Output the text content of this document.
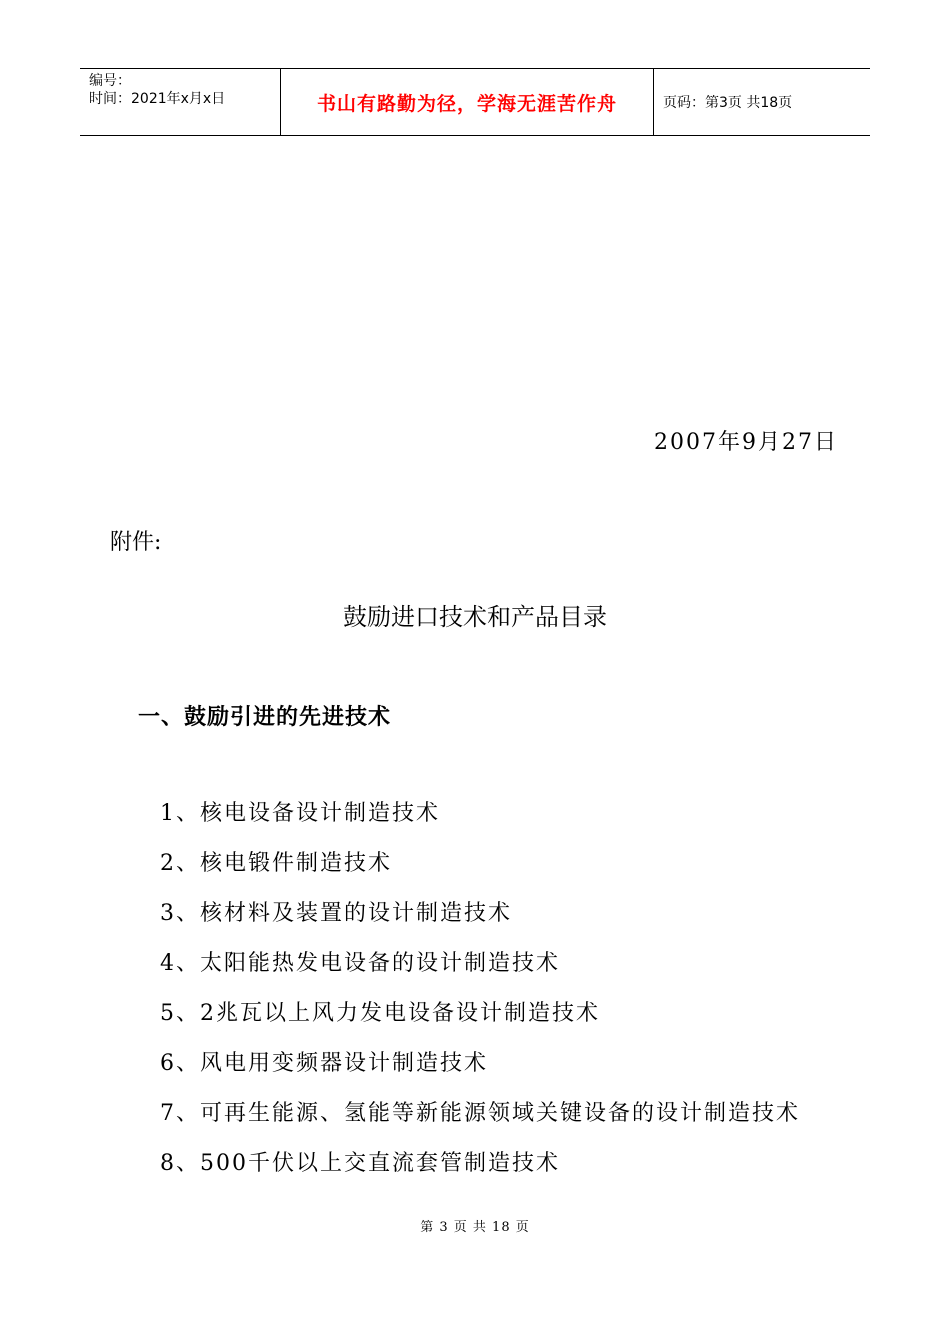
编号：
时间：2021年x月x日	书山有路勤为径，学海无涯苦作舟	页码：第3页 共18页
2007年9月27日
附件:
鼓励进口技术和产品目录
一、鼓励引进的先进技术
1、核电设备设计制造技术
2、核电锻件制造技术
3、核材料及装置的设计制造技术
4、太阳能热发电设备的设计制造技术
5、2兆瓦以上风力发电设备设计制造技术
6、风电用变频器设计制造技术
7、可再生能源、氢能等新能源领域关键设备的设计制造技术
8、500千伏以上交直流套管制造技术
第 3 页 共 18 页
